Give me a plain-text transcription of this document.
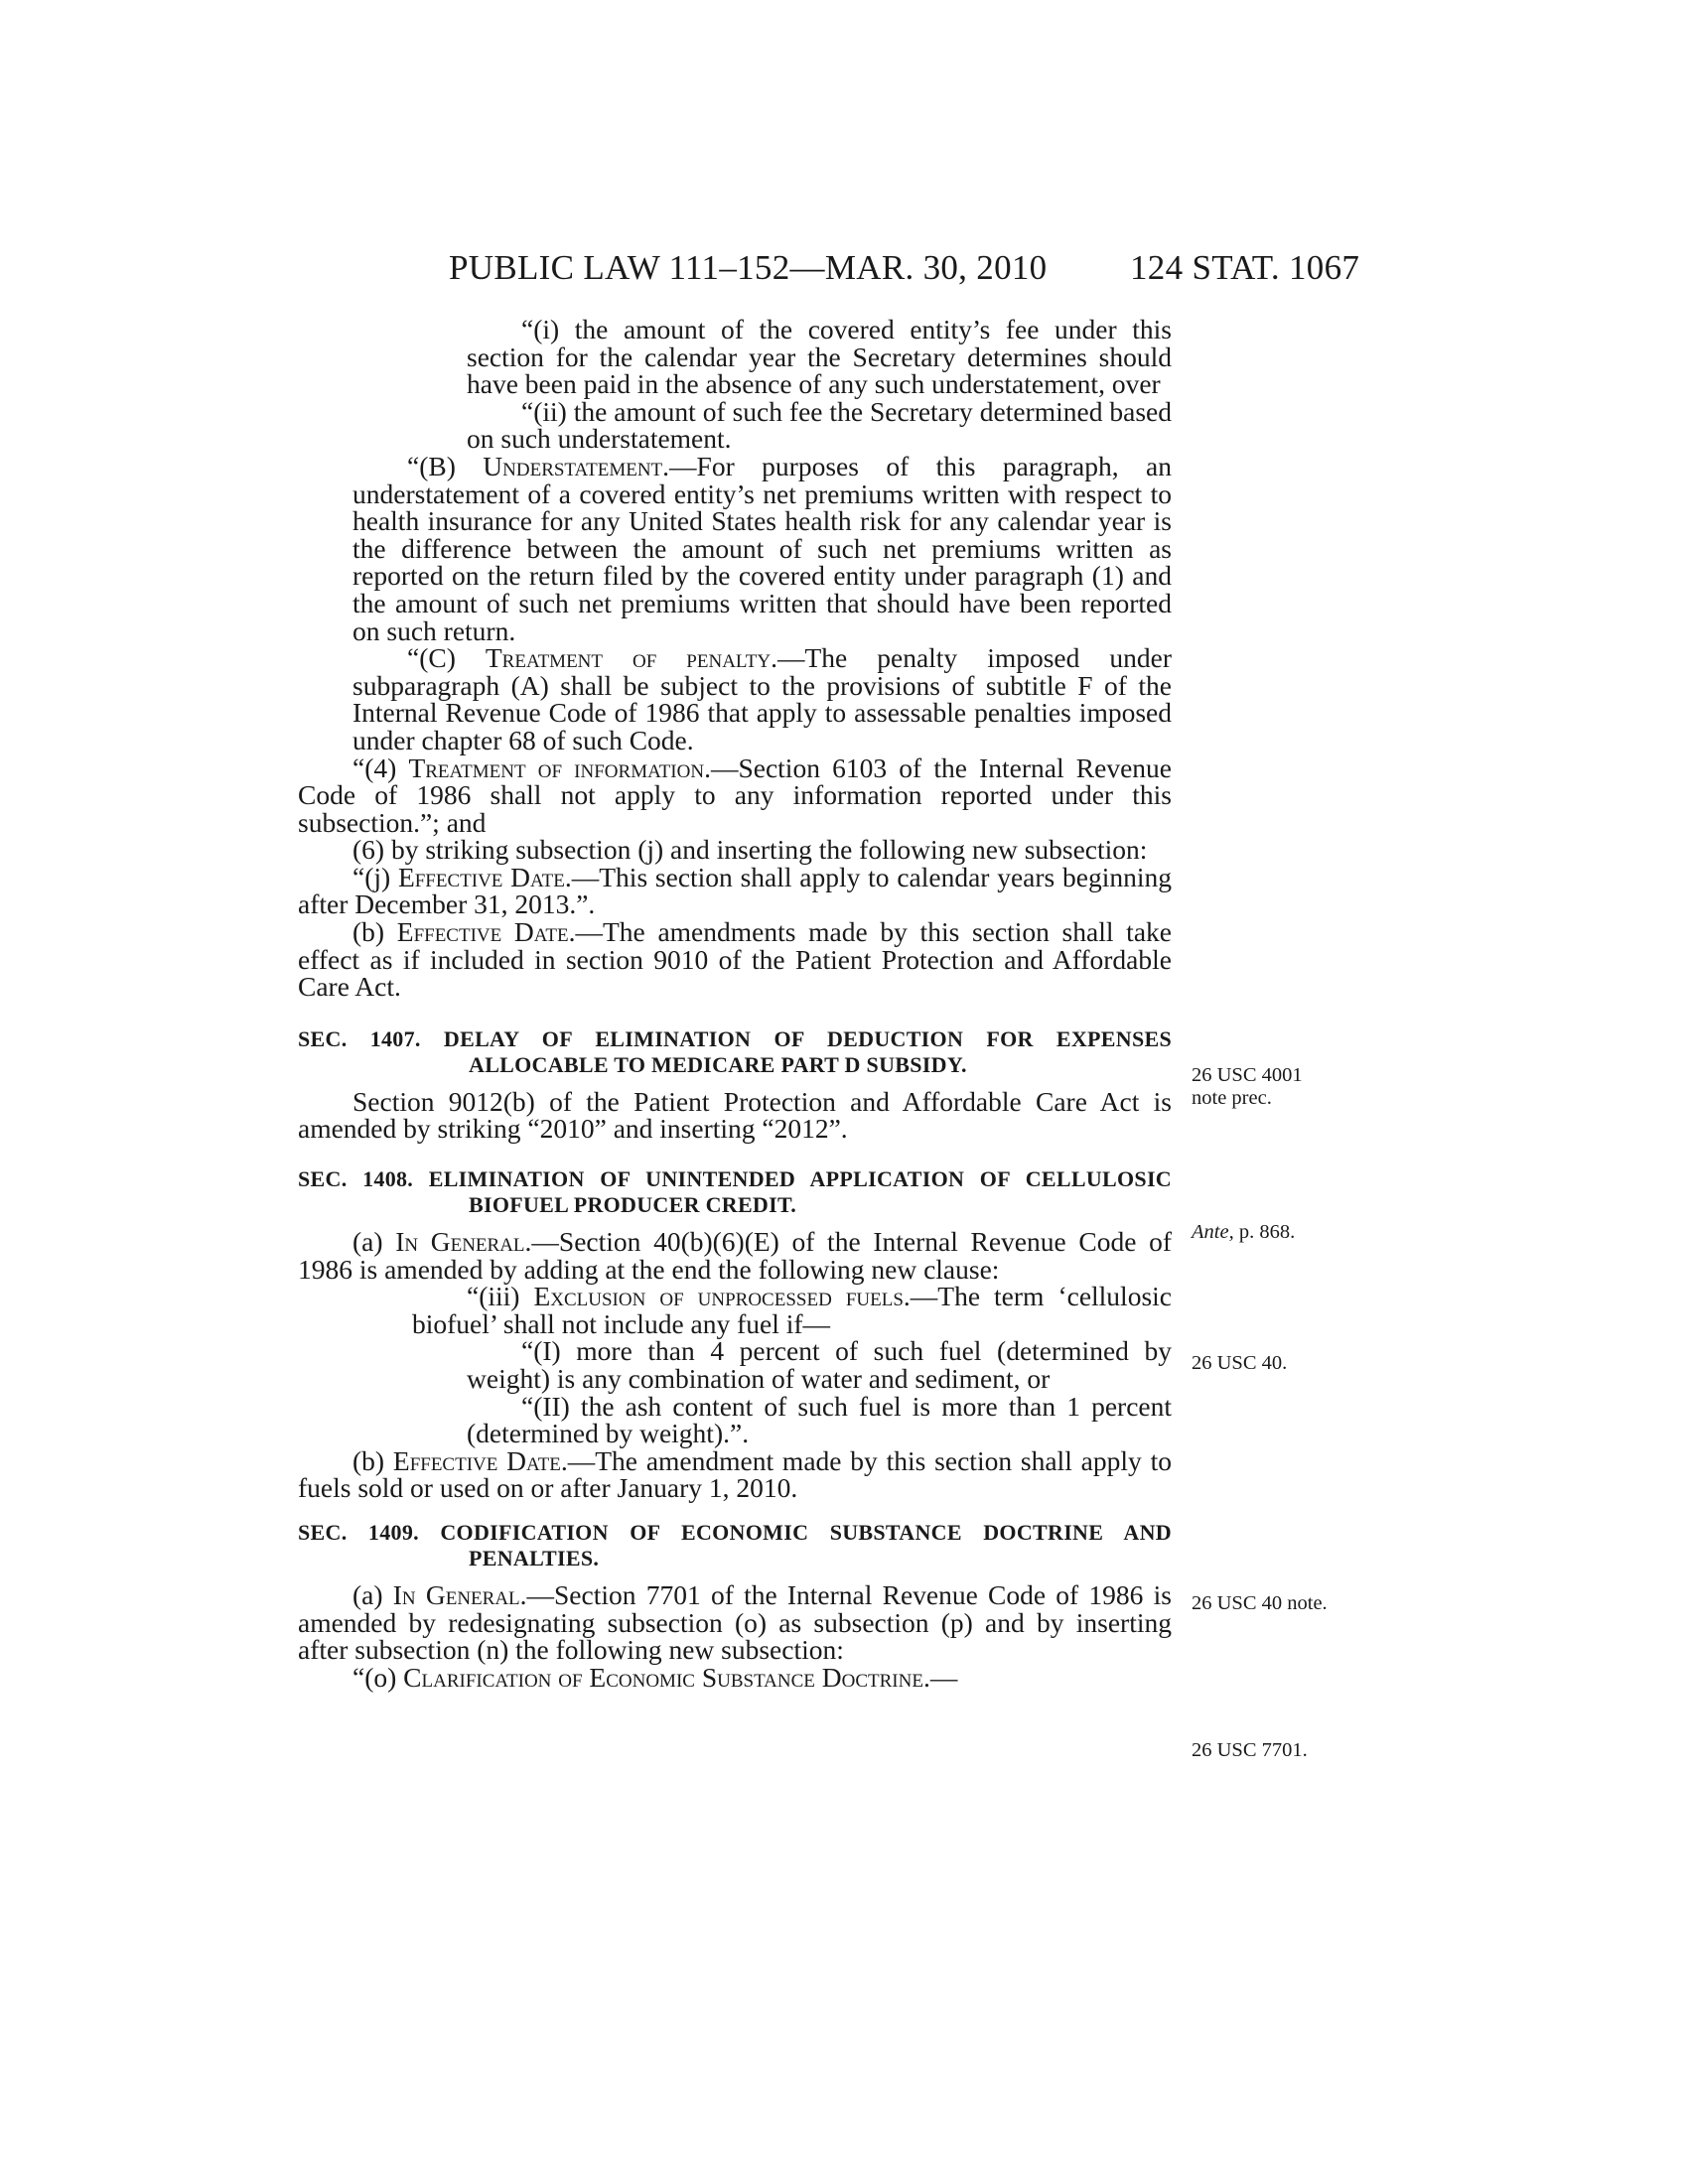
PUBLIC LAW 111–152—MAR. 30, 2010 124 STAT. 1067

“(i) the amount of the covered entity’s fee under this section for the calendar year the Secretary determines should have been paid in the absence of any such understatement, over

“(ii) the amount of such fee the Secretary determined based on such understatement.

“(B) Understatement.—For purposes of this paragraph, an understatement of a covered entity’s net premiums written with respect to health insurance for any United States health risk for any calendar year is the difference between the amount of such net premiums written as reported on the return filed by the covered entity under paragraph (1) and the amount of such net premiums written that should have been reported on such return.

“(C) Treatment of penalty.—The penalty imposed under subparagraph (A) shall be subject to the provisions of subtitle F of the Internal Revenue Code of 1986 that apply to assessable penalties imposed under chapter 68 of such Code.

“(4) Treatment of information.—Section 6103 of the Internal Revenue Code of 1986 shall not apply to any information reported under this subsection.”; and

(6) by striking subsection (j) and inserting the following new subsection:

“(j) Effective Date.—This section shall apply to calendar years beginning after December 31, 2013.”.

(b) Effective Date.—The amendments made by this section shall take effect as if included in section 9010 of the Patient Protection and Affordable Care Act.

SEC. 1407. DELAY OF ELIMINATION OF DEDUCTION FOR EXPENSES ALLOCABLE TO MEDICARE PART D SUBSIDY.

Section 9012(b) of the Patient Protection and Affordable Care Act is amended by striking “2010” and inserting “2012”.

SEC. 1408. ELIMINATION OF UNINTENDED APPLICATION OF CELLULOSIC BIOFUEL PRODUCER CREDIT.

(a) In General.—Section 40(b)(6)(E) of the Internal Revenue Code of 1986 is amended by adding at the end the following new clause:

“(iii) Exclusion of unprocessed fuels.—The term ‘cellulosic biofuel’ shall not include any fuel if—

“(I) more than 4 percent of such fuel (determined by weight) is any combination of water and sediment, or

“(II) the ash content of such fuel is more than 1 percent (determined by weight).”.

(b) Effective Date.—The amendment made by this section shall apply to fuels sold or used on or after January 1, 2010.

SEC. 1409. CODIFICATION OF ECONOMIC SUBSTANCE DOCTRINE AND PENALTIES.

(a) In General.—Section 7701 of the Internal Revenue Code of 1986 is amended by redesignating subsection (o) as subsection (p) and by inserting after subsection (n) the following new subsection:

“(o) Clarification of Economic Substance Doctrine.—

26 USC 4001
note prec.
Ante, p. 868.
26 USC 40.
26 USC 40 note.
26 USC 7701.
